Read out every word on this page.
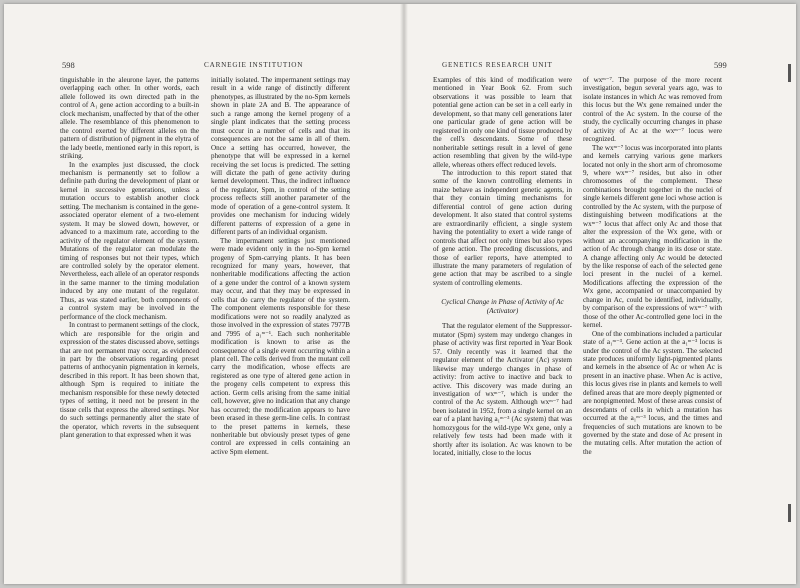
598	CARNEGIE INSTITUTION

tinguishable in the aleurone layer, the patterns overlapping each other. In other words, each allele followed its own directed path in the control of A₁ gene action according to a built-in clock mechanism, unaffected by that of the other allele. The resemblance of this phenomenon to the control exerted by different alleles on the pattern of distribution of pigment in the elytra of the lady beetle, mentioned early in this report, is striking.

In the examples just discussed, the clock mechanism is permanently set to follow a definite path during the development of plant or kernel in successive generations, unless a mutation occurs to establish another clock setting. The mechanism is contained in the gene-associated operator element of a two-element system. It may be slowed down, however, or advanced to a maximum rate, according to the activity of the regulator element of the system. Mutations of the regulator can modulate the timing of responses but not their types, which are controlled solely by the operator element. Nevertheless, each allele of an operator responds in the same manner to the timing modulation induced by any one mutant of the regulator. Thus, as was stated earlier, both components of a control system may be involved in the performance of the clock mechanism.

In contrast to permanent settings of the clock, which are responsible for the origin and expression of the states discussed above, settings that are not permanent may occur, as evidenced in part by the observations regarding preset patterns of anthocyanin pigmentation in kernels, described in this report. It has been shown that, although Spm is required to initiate the mechanism responsible for these newly detected types of setting, it need not be present in the tissue cells that express the altered settings. Nor do such settings permanently alter the state of the operator, which reverts in the subsequent plant generation to that expressed when it was

initially isolated. The impermanent settings may result in a wide range of distinctly different phenotypes, as illustrated by the no-Spm kernels shown in plate 2A and B. The appearance of such a range among the kernel progeny of a single plant indicates that the setting process must occur in a number of cells and that its consequences are not the same in all of them. Once a setting has occurred, however, the phenotype that will be expressed in a kernel receiving the set locus is predicted. The setting will dictate the path of gene activity during kernel development. Thus, the indirect influence of the regulator, Spm, in control of the setting process reflects still another parameter of the mode of operation of a gene-control system. It provides one mechanism for inducing widely different patterns of expression of a gene in different parts of an individual organism.

The impermanent settings just mentioned were made evident only in the no-Spm kernel progeny of Spm-carrying plants. It has been recognized for many years, however, that nonheritable modifications affecting the action of a gene under the control of a known system may occur, and that they may be expressed in cells that do carry the regulator of the system. The component elements responsible for these modifications were not so readily analyzed as those involved in the expression of states 7977B and 7995 of a₁ᵐ⁻¹. Each such nonheritable modification is known to arise as the consequence of a single event occurring within a plant cell. The cells derived from the mutant cell carry the modification, whose effects are registered as one type of altered gene action in the progeny cells competent to express this action. Germ cells arising from the same initial cell, however, give no indication that any change has occurred; the modification appears to have been erased in these germ-line cells. In contrast to the preset patterns in kernels, these nonheritable but obviously preset types of gene control are expressed in cells containing an active Spm element.

GENETICS RESEARCH UNIT	599

Examples of this kind of modification were mentioned in Year Book 62. From such observations it was possible to learn that potential gene action can be set in a cell early in development, so that many cell generations later one particular grade of gene action will be registered in only one kind of tissue produced by the cell's descendants. Some of these nonheritable settings result in a level of gene action resembling that given by the wild-type allele, whereas others effect reduced levels.

The introduction to this report stated that some of the known controlling elements in maize behave as independent genetic agents, in that they contain timing mechanisms for differential control of gene action during development. It also stated that control systems are extraordinarily efficient, a single system having the potentiality to exert a wide range of controls that affect not only times but also types of gene action. The preceding discussions, and those of earlier reports, have attempted to illustrate the many parameters of regulation of gene action that may be ascribed to a single system of controlling elements.

Cyclical Change in Phase of Activity of Ac (Activator)

That the regulator element of the Suppressor-mutator (Spm) system may undergo changes in phase of activity was first reported in Year Book 57. Only recently was it learned that the regulator element of the Activator (Ac) system likewise may undergo changes in phase of activity: from active to inactive and back to active. This discovery was made during an investigation of wxᵐ⁻⁷, which is under the control of the Ac system. Although wxᵐ⁻⁷ had been isolated in 1952, from a single kernel on an ear of a plant having a₁ᵐ⁻³ (Ac system) that was homozygous for the wild-type Wx gene, only a relatively few tests had been made with it shortly after its isolation. Ac was known to be located, initially, close to the locus

of wxᵐ⁻⁷. The purpose of the more recent investigation, begun several years ago, was to isolate instances in which Ac was removed from this locus but the Wx gene remained under the control of the Ac system. In the course of the study, the cyclically occurring changes in phase of activity of Ac at the wxᵐ⁻⁷ locus were recognized.

The wxᵐ⁻⁷ locus was incorporated into plants and kernels carrying various gene markers located not only in the short arm of chromosome 9, where wxᵐ⁻⁷ resides, but also in other chromosomes of the complement. These combinations brought together in the nuclei of single kernels different gene loci whose action is controlled by the Ac system, with the purpose of distinguishing between modifications at the wxᵐ⁻⁷ locus that affect only Ac and those that alter the expression of the Wx gene, with or without an accompanying modification in the action of Ac through change in its dose or state. A change affecting only Ac would be detected by the like response of each of the selected gene loci present in the nuclei of a kernel. Modifications affecting the expression of the Wx gene, accompanied or unaccompanied by change in Ac, could be identified, individually, by comparison of the expressions of wxᵐ⁻⁷ with those of the other Ac-controlled gene loci in the kernel.

One of the combinations included a particular state of a₁ᵐ⁻³. Gene action at the a₁ᵐ⁻³ locus is under the control of the Ac system. The selected state produces uniformly light-pigmented plants and kernels in the absence of Ac or when Ac is present in an inactive phase. When Ac is active, this locus gives rise in plants and kernels to well defined areas that are more deeply pigmented or are nonpigmented. Most of these areas consist of descendants of cells in which a mutation has occurred at the a₁ᵐ⁻³ locus, and the times and frequencies of such mutations are known to be governed by the state and dose of Ac present in the mutating cells. After mutation the action of the
